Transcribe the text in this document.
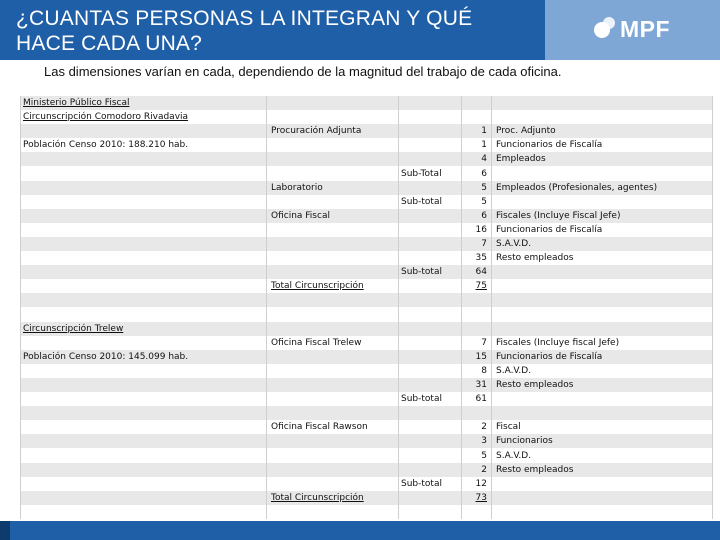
¿CUANTAS PERSONAS LA INTEGRAN Y QUÉ HACE CADA UNA?
MPF
Las dimensiones varían en cada, dependiendo de la magnitud del trabajo de cada oficina.
Ministerio Público Fiscal
Circunscripción Comodoro Rivadavia
Procuración Adjunta	1 Proc. Adjunto
Población Censo 2010: 188.210 hab.	1 Funcionarios de Fiscalía
4 Empleados
Sub-Total	6
Laboratorio	5 Empleados (Profesionales, agentes)
Sub-total	5
Oficina Fiscal	6 Fiscales (Incluye Fiscal Jefe)
16 Funcionarios de Fiscalía
7 S.A.V.D.
35 Resto empleados
Sub-total	64
Total Circunscripción	75
Circunscripción Trelew
Oficina Fiscal Trelew	7 Fiscales (Incluye fiscal Jefe)
Población Censo 2010: 145.099 hab.	15 Funcionarios de Fiscalía
8 S.A.V.D.
31 Resto empleados
Sub-total	61
Oficina Fiscal Rawson	2 Fiscal
3 Funcionarios
5 S.A.V.D.
2 Resto empleados
Sub-total	12
Total Circunscripción	73
